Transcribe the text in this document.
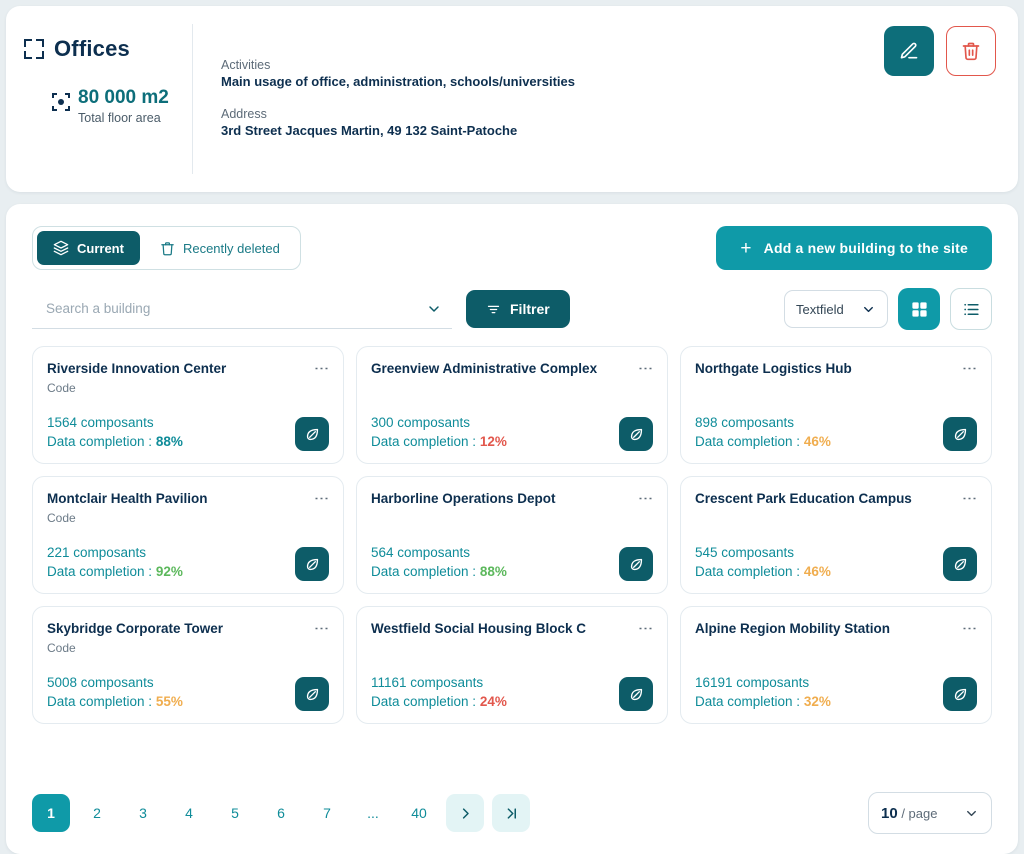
Offices
80 000 m2
Total floor area
Activities
Main usage of office, administration, schools/universities
Address
3rd Street Jacques Martin, 49 132 Saint-Patoche
Current	Recently deleted	+ Add a new building to the site
Search a building
Filtrer	Textfield
Riverside Innovation Center
Code
1564 composants
Data completion : 88%
⋮	Greenview Administrative Complex
300 composants
Data completion : 12%
⋮	Northgate Logistics Hub
898 composants
Data completion : 46%
⋮
Montclair Health Pavilion
Code
221 composants
Data completion : 92%
⋮	Harborline Operations Depot
564 composants
Data completion : 88%
⋮	Crescent Park Education Campus
545 composants
Data completion : 46%
⋮
Skybridge Corporate Tower
Code
5008 composants
Data completion : 55%
⋮	Westfield Social Housing Block C
11161 composants
Data completion : 24%
⋮	Alpine Region Mobility Station
16191 composants
Data completion : 32%
⋮
1	2	3	4	5	6	7	...	40	10 / page
